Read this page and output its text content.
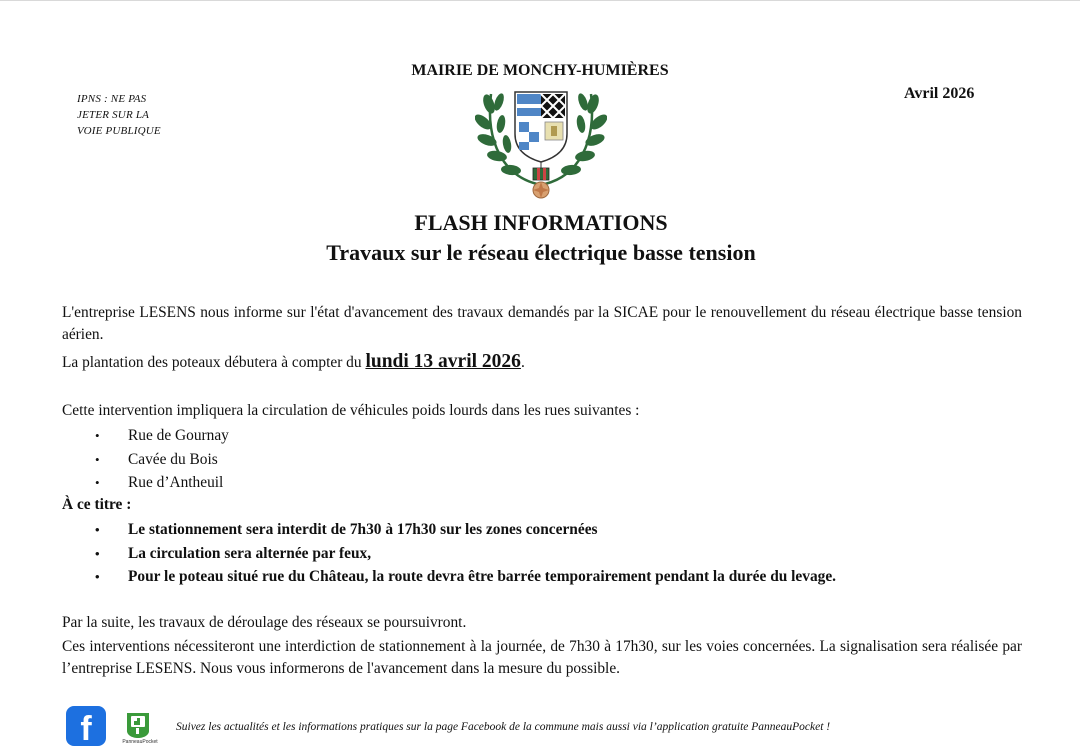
IPNS : NE PAS
JETER SUR LA
VOIE PUBLIQUE
MAIRIE DE MONCHY-HUMIÈRES
Avril 2026
FLASH INFORMATIONS
Travaux sur le réseau électrique basse tension
L'entreprise LESENS nous informe sur l'état d'avancement des travaux demandés par la SICAE pour le renouvellement du réseau électrique basse tension aérien.
La plantation des poteaux débutera à compter du lundi 13 avril 2026.
Cette intervention impliquera la circulation de véhicules poids lourds dans les rues suivantes :
• Rue de Gournay
• Cavée du Bois
• Rue d’Antheuil
À ce titre :
• Le stationnement sera interdit de 7h30 à 17h30 sur les zones concernées
• La circulation sera alternée par feux,
• Pour le poteau situé rue du Château, la route devra être barrée temporairement pendant la durée du levage.
Par la suite, les travaux de déroulage des réseaux se poursuivront.
Ces interventions nécessiteront une interdiction de stationnement à la journée, de 7h30 à 17h30, sur les voies concernées. La signalisation sera réalisée par l’entreprise LESENS. Nous vous informerons de l'avancement dans la mesure du possible.
f	PanneauPocket
Suivez les actualités et les informations pratiques sur la page Facebook de la commune mais aussi via l’application gratuite PanneauPocket !
